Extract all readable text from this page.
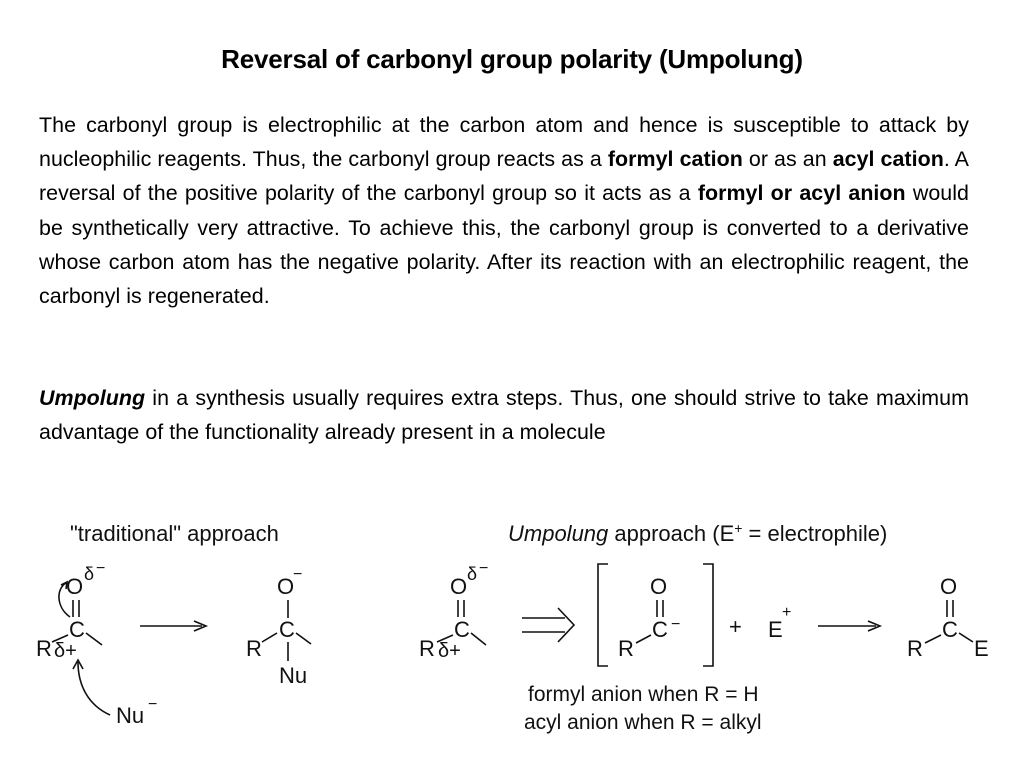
Reversal of carbonyl group polarity (Umpolung)
The carbonyl group is electrophilic at the carbon atom and hence is susceptible to attack by nucleophilic reagents. Thus, the carbonyl group reacts as a formyl cation or as an acyl cation. A reversal of the positive polarity of the carbonyl group so it acts as a formyl or acyl anion would be synthetically very attractive. To achieve this, the carbonyl group is converted to a derivative whose carbon atom has the negative polarity. After its reaction with an electrophilic reagent, the carbonyl is regenerated.
Umpolung in a synthesis usually requires extra steps. Thus, one should strive to take maximum advantage of the functionality already present in a molecule
"traditional" approach	Umpolung approach (E+ = electrophile)
O δ −
C
R δ+
Nu −
O
−
C
R
Nu
O δ −
C
R δ+
O
C −
R
+ E
+
O
C
R E
formyl anion when R = H
acyl anion when R = alkyl
